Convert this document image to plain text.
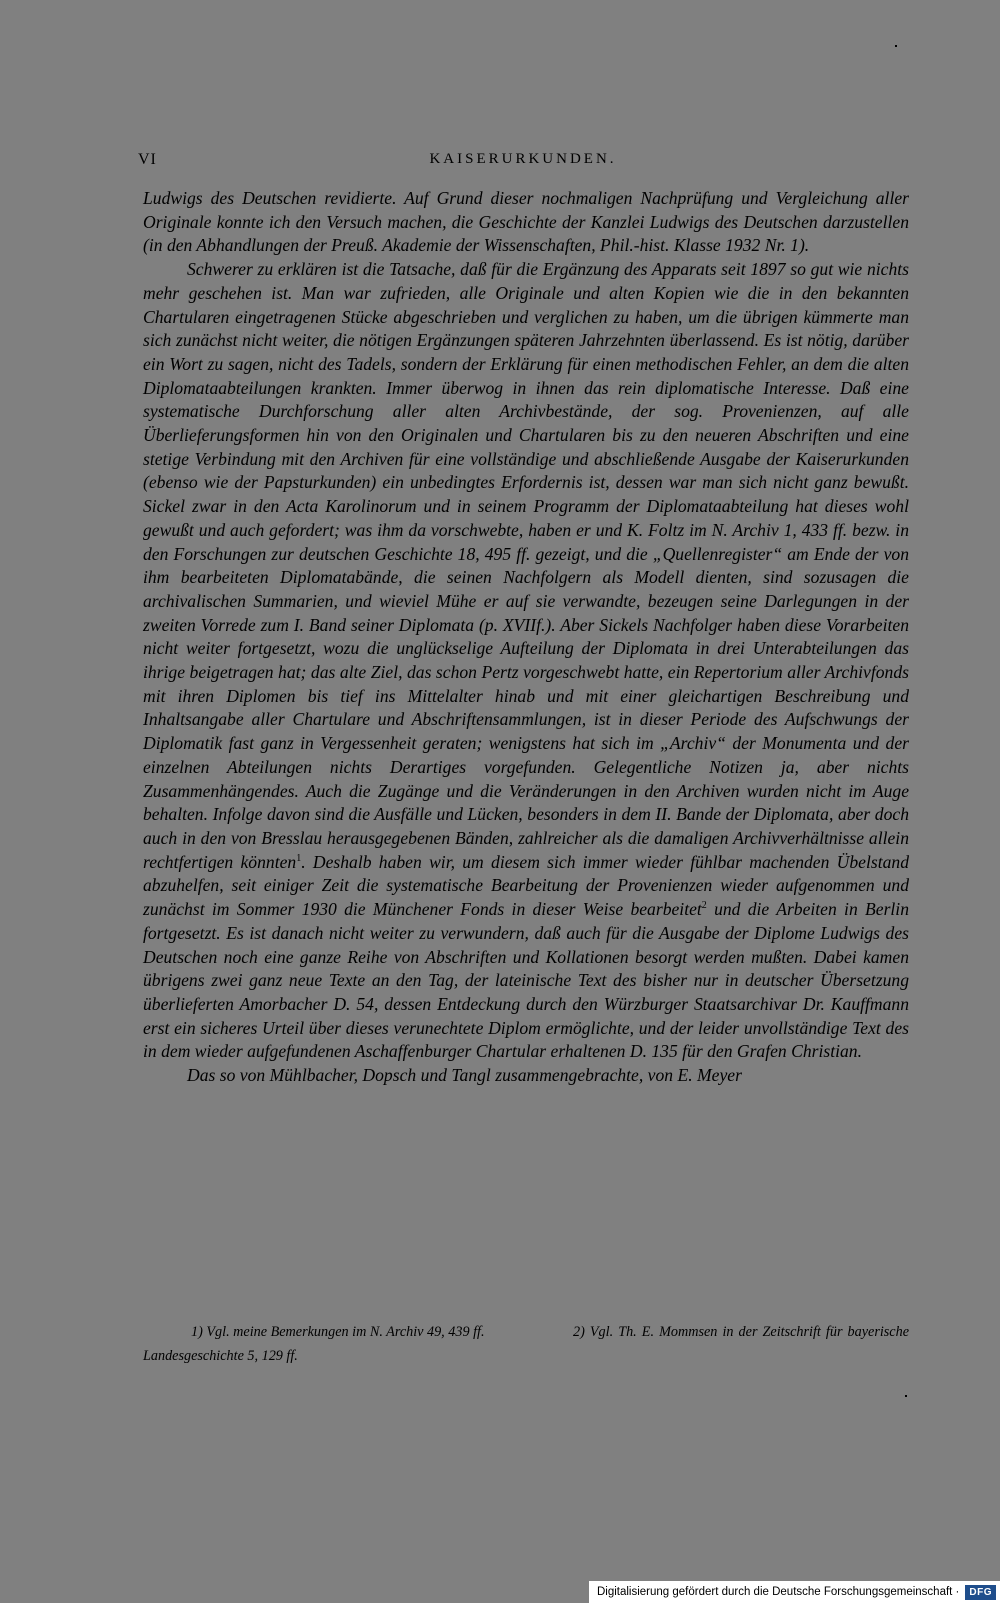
VI	KAISERURKUNDEN.

Ludwigs des Deutschen revidierte. Auf Grund dieser nochmaligen Nachprüfung und Vergleichung aller Originale konnte ich den Versuch machen, die Geschichte der Kanzlei Ludwigs des Deutschen darzustellen (in den Abhandlungen der Preuß. Akademie der Wissenschaften, Phil.-hist. Klasse 1932 Nr. 1).

Schwerer zu erklären ist die Tatsache, daß für die Ergänzung des Apparats seit 1897 so gut wie nichts mehr geschehen ist. Man war zufrieden, alle Originale und alten Kopien wie die in den bekannten Chartularen eingetragenen Stücke abgeschrieben und verglichen zu haben, um die übrigen kümmerte man sich zunächst nicht weiter, die nötigen Ergänzungen späteren Jahrzehnten überlassend. Es ist nötig, darüber ein Wort zu sagen, nicht des Tadels, sondern der Erklärung für einen methodischen Fehler, an dem die alten Diplomataabteilungen krankten. Immer überwog in ihnen das rein diplomatische Interesse. Daß eine systematische Durchforschung aller alten Archivbestände, der sog. Provenienzen, auf alle Überlieferungsformen hin von den Originalen und Chartularen bis zu den neueren Abschriften und eine stetige Verbindung mit den Archiven für eine vollständige und abschließende Ausgabe der Kaiserurkunden (ebenso wie der Papsturkunden) ein unbedingtes Erfordernis ist, dessen war man sich nicht ganz bewußt. Sickel zwar in den Acta Karolinorum und in seinem Programm der Diplomataabteilung hat dieses wohl gewußt und auch gefordert; was ihm da vorschwebte, haben er und K. Foltz im N. Archiv 1, 433 ff. bezw. in den Forschungen zur deutschen Geschichte 18, 495 ff. gezeigt, und die „Quellenregister“ am Ende der von ihm bearbeiteten Diplomatabände, die seinen Nachfolgern als Modell dienten, sind sozusagen die archivalischen Summarien, und wieviel Mühe er auf sie verwandte, bezeugen seine Darlegungen in der zweiten Vorrede zum I. Band seiner Diplomata (p. XVIIf.). Aber Sickels Nachfolger haben diese Vorarbeiten nicht weiter fortgesetzt, wozu die unglückselige Aufteilung der Diplomata in drei Unterabteilungen das ihrige beigetragen hat; das alte Ziel, das schon Pertz vorgeschwebt hatte, ein Repertorium aller Archivfonds mit ihren Diplomen bis tief ins Mittelalter hinab und mit einer gleichartigen Beschreibung und Inhaltsangabe aller Chartulare und Abschriftensammlungen, ist in dieser Periode des Aufschwungs der Diplomatik fast ganz in Vergessenheit geraten; wenigstens hat sich im „Archiv“ der Monumenta und der einzelnen Abteilungen nichts Derartiges vorgefunden. Gelegentliche Notizen ja, aber nichts Zusammenhängendes. Auch die Zugänge und die Veränderungen in den Archiven wurden nicht im Auge behalten. Infolge davon sind die Ausfälle und Lücken, besonders in dem II. Bande der Diplomata, aber doch auch in den von Bresslau herausgegebenen Bänden, zahlreicher als die damaligen Archivverhältnisse allein rechtfertigen könnten$^1$. Deshalb haben wir, um diesem sich immer wieder fühlbar machenden Übelstand abzuhelfen, seit einiger Zeit die systematische Bearbeitung der Provenienzen wieder aufgenommen und zunächst im Sommer 1930 die Münchener Fonds in dieser Weise bearbeitet$^2$ und die Arbeiten in Berlin fortgesetzt. Es ist danach nicht weiter zu verwundern, daß auch für die Ausgabe der Diplome Ludwigs des Deutschen noch eine ganze Reihe von Abschriften und Kollationen besorgt werden mußten. Dabei kamen übrigens zwei ganz neue Texte an den Tag, der lateinische Text des bisher nur in deutscher Übersetzung überlieferten Amorbacher D. 54, dessen Entdeckung durch den Würzburger Staatsarchivar Dr. Kauffmann erst ein sicheres Urteil über dieses verunechtete Diplom ermöglichte, und der leider unvollständige Text des in dem wieder aufgefundenen Aschaffenburger Chartular erhaltenen D. 135 für den Grafen Christian.

Das so von Mühlbacher, Dopsch und Tangl zusammengebrachte, von E. Meyer

1) Vgl. meine Bemerkungen im N. Archiv 49, 439 ff.	2) Vgl. Th. E. Mommsen in der Zeitschrift für bayerische Landesgeschichte 5, 129 ff.
Digitalisierung gefördert durch die Deutsche Forschungsgemeinschaft ·	DFG
